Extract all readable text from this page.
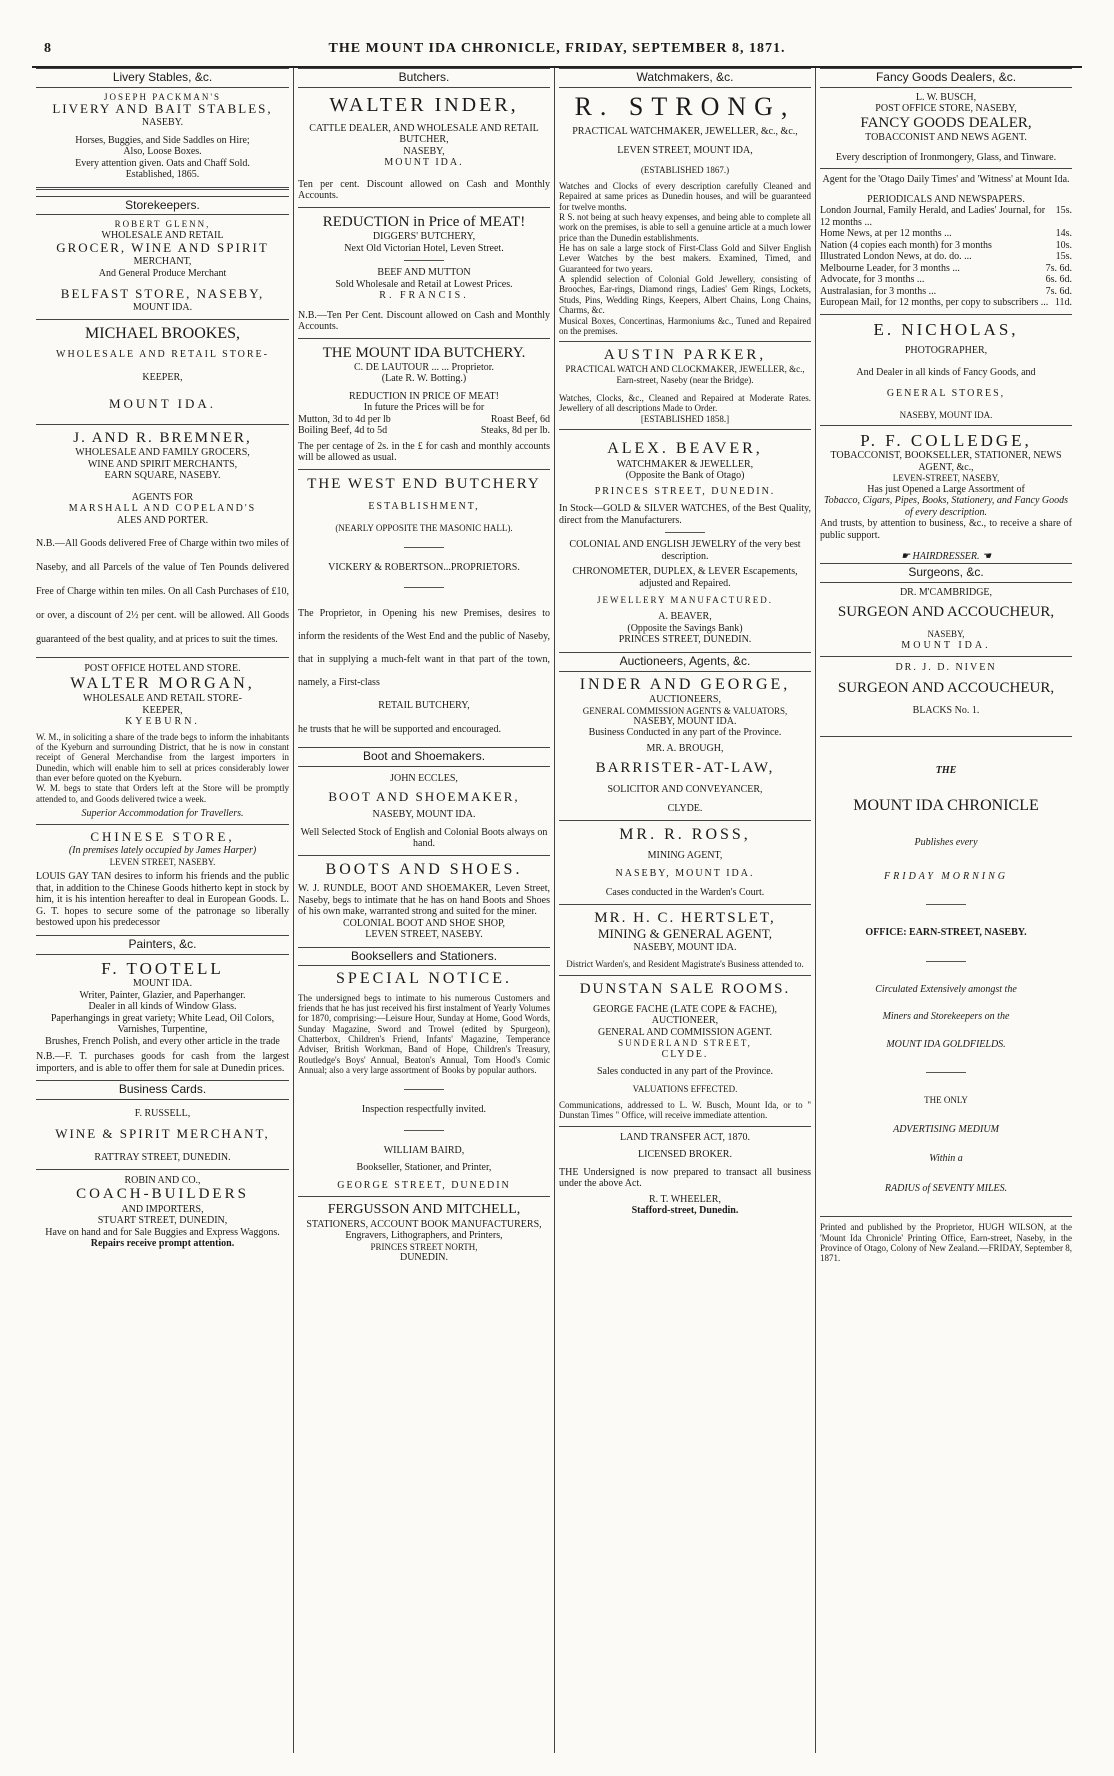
8	THE MOUNT IDA CHRONICLE, FRIDAY, SEPTEMBER 8, 1871.
Livery Stables, &c.
JOSEPH PACKMAN'S
LIVERY AND BAIT STABLES,
NASEBY.
Horses, Buggies, and Side Saddles on Hire;
Also, Loose Boxes.
Every attention given. Oats and Chaff Sold.
Established, 1865.
Storekeepers.
ROBERT GLENN,
WHOLESALE AND RETAIL
GROCER, WINE AND SPIRIT
MERCHANT,
And General Produce Merchant
BELFAST STORE, NASEBY,
MOUNT IDA.
MICHAEL BROOKES,
WHOLESALE AND RETAIL STORE-
KEEPER,
MOUNT IDA.
J. AND R. BREMNER,
WHOLESALE AND FAMILY GROCERS,
WINE AND SPIRIT MERCHANTS,
EARN SQUARE, NASEBY.
AGENTS FOR
MARSHALL AND COPELAND'S
ALES AND PORTER.
N.B.—All Goods delivered Free of Charge within two miles of Naseby, and all Parcels of the value of Ten Pounds delivered Free of Charge within ten miles. On all Cash Purchases of £10, or over, a discount of 2½ per cent. will be allowed. All Goods guaranteed of the best quality, and at prices to suit the times.
POST OFFICE HOTEL AND STORE.
WALTER MORGAN,
WHOLESALE AND RETAIL STORE-
KEEPER,
KYEBURN.
W. M., in soliciting a share of the trade begs to inform the inhabitants of the Kyeburn and surrounding District, that he is now in constant receipt of General Merchandise from the largest importers in Dunedin, which will enable him to sell at prices considerably lower than ever before quoted on the Kyeburn.
W. M. begs to state that Orders left at the Store will be promptly attended to, and Goods delivered twice a week.
Superior Accommodation for Travellers.
CHINESE STORE,
(In premises lately occupied by James Harper)
LEVEN STREET, NASEBY.
LOUIS GAY TAN desires to inform his friends and the public that, in addition to the Chinese Goods hitherto kept in stock by him, it is his intention hereafter to deal in European Goods. L. G. T. hopes to secure some of the patronage so liberally bestowed upon his predecessor
Painters, &c.
F. TOOTELL
MOUNT IDA.
Writer, Painter, Glazier, and Paperhanger.
Dealer in all kinds of Window Glass.
Paperhangings in great variety; White Lead, Oil Colors, Varnishes, Turpentine,
Brushes, French Polish, and every other article in the trade
N.B.—F. T. purchases goods for cash from the largest importers, and is able to offer them for sale at Dunedin prices.
Business Cards.
F. RUSSELL,
WINE & SPIRIT MERCHANT,
RATTRAY STREET, DUNEDIN.
ROBIN AND CO.,
COACH-BUILDERS
AND IMPORTERS,
STUART STREET, DUNEDIN,
Have on hand and for Sale Buggies and Express Waggons.
Repairs receive prompt attention.
Butchers.
WALTER INDER,
CATTLE DEALER, AND WHOLESALE AND RETAIL BUTCHER,
NASEBY,
MOUNT IDA.
Ten per cent. Discount allowed on Cash and Monthly Accounts.
REDUCTION in Price of MEAT!
DIGGERS' BUTCHERY,
Next Old Victorian Hotel, Leven Street.
BEEF AND MUTTON
Sold Wholesale and Retail at Lowest Prices.
R. FRANCIS.
N.B.—Ten Per Cent. Discount allowed on Cash and Monthly Accounts.
THE MOUNT IDA BUTCHERY.
C. DE LAUTOUR ... ... Proprietor.
(Late R. W. Botting.)
REDUCTION IN PRICE OF MEAT!
In future the Prices will be for
Mutton, 3d to 4d per lb	Roast Beef, 6d
Boiling Beef, 4d to 5d	Steaks, 8d per lb.
The per centage of 2s. in the £ for cash and monthly accounts will be allowed as usual.
THE WEST END BUTCHERY
ESTABLISHMENT,
(NEARLY OPPOSITE THE MASONIC HALL).
VICKERY & ROBERTSON...PROPRIETORS.
The Proprietor, in Opening his new Premises, desires to inform the residents of the West End and the public of Naseby, that in supplying a much-felt want in that part of the town, namely, a First-class
RETAIL BUTCHERY,
he trusts that he will be supported and encouraged.
Boot and Shoemakers.
JOHN ECCLES,
BOOT AND SHOEMAKER,
NASEBY, MOUNT IDA.
Well Selected Stock of English and Colonial Boots always on hand.
BOOTS AND SHOES.
W. J. RUNDLE, BOOT AND SHOEMAKER, Leven Street, Naseby, begs to intimate that he has on hand Boots and Shoes of his own make, warranted strong and suited for the miner.
COLONIAL BOOT AND SHOE SHOP,
LEVEN STREET, NASEBY.
Booksellers and Stationers.
SPECIAL NOTICE.
The undersigned begs to intimate to his numerous Customers and friends that he has just received his first instalment of Yearly Volumes for 1870, comprising:—Leisure Hour, Sunday at Home, Good Words, Sunday Magazine, Sword and Trowel (edited by Spurgeon), Chatterbox, Children's Friend, Infants' Magazine, Temperance Adviser, British Workman, Band of Hope, Children's Treasury, Routledge's Boys' Annual, Beaton's Annual, Tom Hood's Comic Annual; also a very large assortment of Books by popular authors.
Inspection respectfully invited.
WILLIAM BAIRD,
Bookseller, Stationer, and Printer,
GEORGE STREET, DUNEDIN
FERGUSSON AND MITCHELL,
STATIONERS, ACCOUNT BOOK MANUFACTURERS,
Engravers, Lithographers, and Printers,
PRINCES STREET NORTH,
DUNEDIN.
Watchmakers, &c.
R. STRONG,
PRACTICAL WATCHMAKER, JEWELLER, &c., &c.,
LEVEN STREET, MOUNT IDA,
(ESTABLISHED 1867.)
Watches and Clocks of every description carefully Cleaned and Repaired at same prices as Dunedin houses, and will be guaranteed for twelve months.
R S. not being at such heavy expenses, and being able to complete all work on the premises, is able to sell a genuine article at a much lower price than the Dunedin establishments.
He has on sale a large stock of First-Class Gold and Silver English Lever Watches by the best makers. Examined, Timed, and Guaranteed for two years.
A splendid selection of Colonial Gold Jewellery, consisting of Brooches, Ear-rings, Diamond rings, Ladies' Gem Rings, Lockets, Studs, Pins, Wedding Rings, Keepers, Albert Chains, Long Chains, Charms, &c.
Musical Boxes, Concertinas, Harmoniums &c., Tuned and Repaired on the premises.
AUSTIN PARKER,
PRACTICAL WATCH AND CLOCKMAKER, JEWELLER, &c.,
Earn-street, Naseby (near the Bridge).
Watches, Clocks, &c., Cleaned and Repaired at Moderate Rates. Jewellery of all descriptions Made to Order.
[ESTABLISHED 1858.]
ALEX. BEAVER,
WATCHMAKER & JEWELLER,
(Opposite the Bank of Otago)
PRINCES STREET, DUNEDIN.
In Stock—GOLD & SILVER WATCHES, of the Best Quality, direct from the Manufacturers.
COLONIAL AND ENGLISH JEWELRY of the very best description.
CHRONOMETER, DUPLEX, & LEVER Escapements, adjusted and Repaired.
JEWELLERY MANUFACTURED.
A. BEAVER,
(Opposite the Savings Bank)
PRINCES STREET, DUNEDIN.
Auctioneers, Agents, &c.
INDER AND GEORGE,
AUCTIONEERS,
GENERAL COMMISSION AGENTS & VALUATORS,
NASEBY, MOUNT IDA.
Business Conducted in any part of the Province.
MR. A. BROUGH,
BARRISTER-AT-LAW,
SOLICITOR AND CONVEYANCER,
CLYDE.
MR. R. ROSS,
MINING AGENT,
NASEBY, MOUNT IDA.
Cases conducted in the Warden's Court.
MR. H. C. HERTSLET,
MINING & GENERAL AGENT,
NASEBY, MOUNT IDA.
District Warden's, and Resident Magistrate's Business attended to.
DUNSTAN SALE ROOMS.
GEORGE FACHE (LATE COPE & FACHE),
AUCTIONEER,
GENERAL AND COMMISSION AGENT.
SUNDERLAND STREET,
CLYDE.
Sales conducted in any part of the Province.
VALUATIONS EFFECTED.
Communications, addressed to L. W. Busch, Mount Ida, or to " Dunstan Times " Office, will receive immediate attention.
LAND TRANSFER ACT, 1870.
LICENSED BROKER.
THE Undersigned is now prepared to transact all business under the above Act.
R. T. WHEELER,
Stafford-street, Dunedin.
Fancy Goods Dealers, &c.
L. W. BUSCH,
POST OFFICE STORE, NASEBY,
FANCY GOODS DEALER,
TOBACCONIST AND NEWS AGENT.
Every description of Ironmongery, Glass, and Tinware.
Agent for the 'Otago Daily Times' and 'Witness' at Mount Ida.
PERIODICALS AND NEWSPAPERS.
London Journal, Family Herald, and Ladies' Journal, for 12 months ...
15s.
Home News, at per 12 months ...	14s.
Nation (4 copies each month) for 3 months	10s.
Illustrated London News, at do. do. ...	15s.
Melbourne Leader, for 3 months ...	7s. 6d.
Advocate, for 3 months ...	6s. 6d.
Australasian, for 3 months ...	7s. 6d.
European Mail, for 12 months, per copy to subscribers ... 11d.
E. NICHOLAS,
PHOTOGRAPHER,
And Dealer in all kinds of Fancy Goods, and
GENERAL STORES,
NASEBY, MOUNT IDA.
P. F. COLLEDGE,
TOBACCONIST, BOOKSELLER, STATIONER, NEWS AGENT, &c.,
LEVEN-STREET, NASEBY,
Has just Opened a Large Assortment of
Tobacco, Cigars, Pipes, Books, Stationery, and Fancy Goods of every description.
And trusts, by attention to business, &c., to receive a share of public support.
☛ HAIRDRESSER. ☚
Surgeons, &c.
DR. M'CAMBRIDGE,
SURGEON AND ACCOUCHEUR,
NASEBY,
MOUNT IDA.
DR. J. D. NIVEN
SURGEON AND ACCOUCHEUR,
BLACKS No. 1.
THE
MOUNT IDA CHRONICLE
Publishes every
FRIDAY MORNING
OFFICE: EARN-STREET, NASEBY.
Circulated Extensively amongst the
Miners and Storekeepers on the
MOUNT IDA GOLDFIELDS.
THE ONLY
ADVERTISING MEDIUM
Within a
RADIUS of SEVENTY MILES.
Printed and published by the Proprietor, HUGH WILSON, at the 'Mount Ida Chronicle' Printing Office, Earn-street, Naseby, in the Province of Otago, Colony of New Zealand.—FRIDAY, September 8, 1871.
